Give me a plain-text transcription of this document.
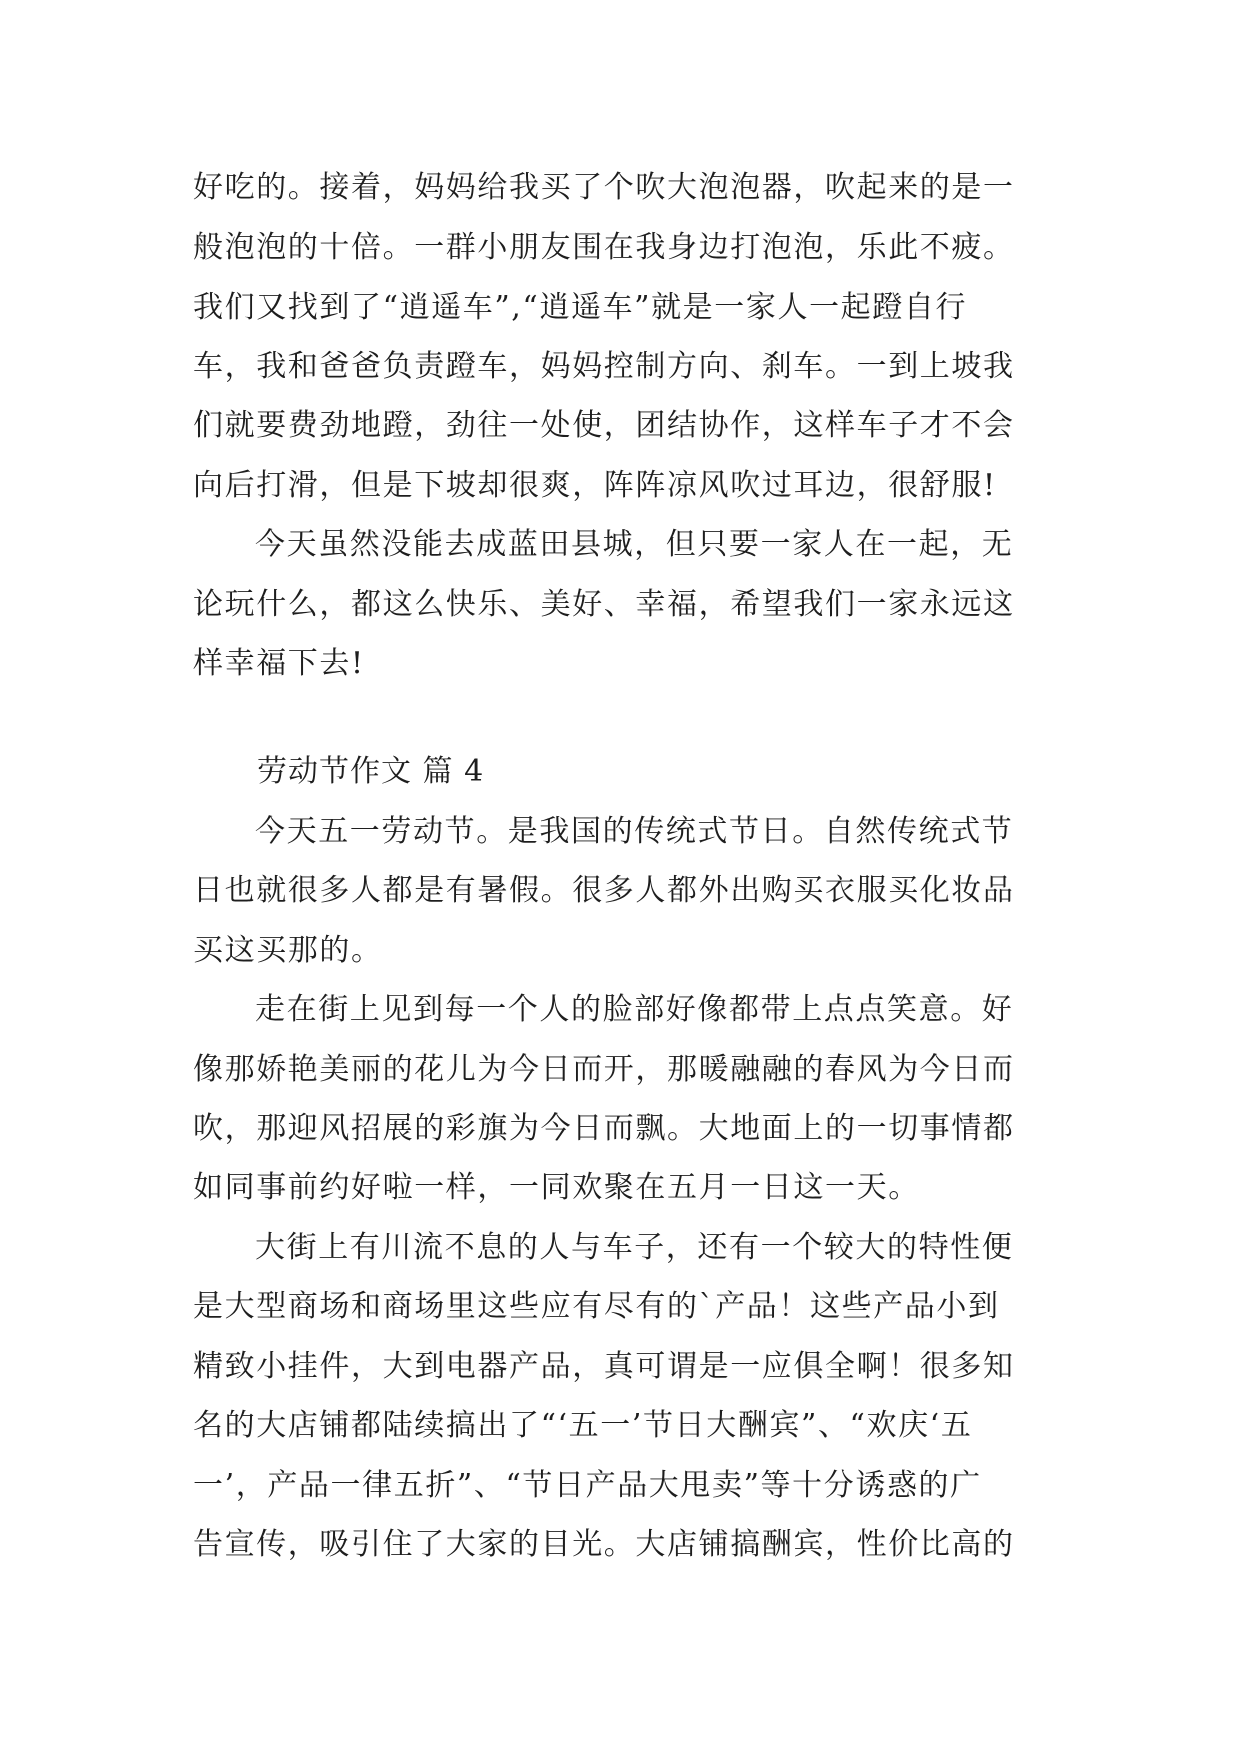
好吃的。接着，妈妈给我买了个吹大泡泡器，吹起来的是一
般泡泡的十倍。一群小朋友围在我身边打泡泡，乐此不疲。
我们又找到了“逍遥车”,“逍遥车”就是一家人一起蹬自行
车，我和爸爸负责蹬车，妈妈控制方向、刹车。一到上坡我
们就要费劲地蹬，劲往一处使，团结协作，这样车子才不会
向后打滑，但是下坡却很爽，阵阵凉风吹过耳边，很舒服!
今天虽然没能去成蓝田县城，但只要一家人在一起，无
论玩什么，都这么快乐、美好、幸福，希望我们一家永远这
样幸福下去!
劳动节作文 篇 4
今天五一劳动节。是我国的传统式节日。自然传统式节
日也就很多人都是有暑假。很多人都外出购买衣服买化妆品
买这买那的。
走在街上见到每一个人的脸部好像都带上点点笑意。好
像那娇艳美丽的花儿为今日而开，那暖融融的春风为今日而
吹，那迎风招展的彩旗为今日而飘。大地面上的一切事情都
如同事前约好啦一样，一同欢聚在五月一日这一天。
大街上有川流不息的人与车子，还有一个较大的特性便
是大型商场和商场里这些应有尽有的`产品！这些产品小到
精致小挂件，大到电器产品，真可谓是一应俱全啊！很多知
名的大店铺都陆续搞出了“‘五一’节日大酬宾”、“欢庆‘五
一’，产品一律五折”、“节日产品大甩卖”等十分诱惑的广
告宣传，吸引住了大家的目光。大店铺搞酬宾，性价比高的
